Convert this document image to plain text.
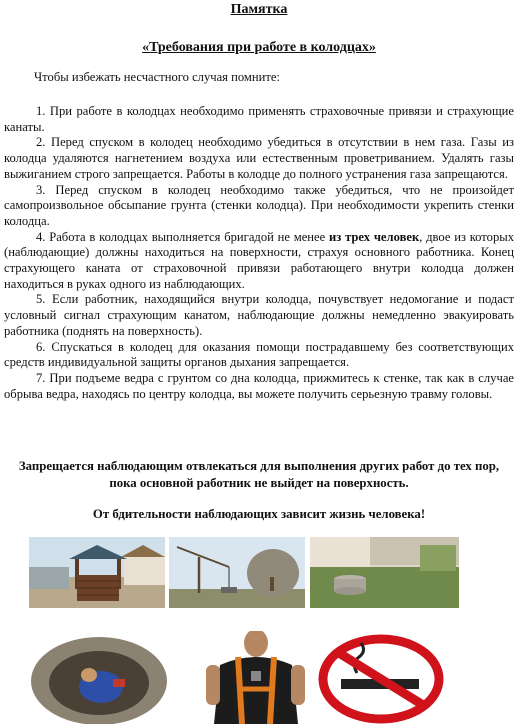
Памятка
«Требования при работе в колодцах»
Чтобы избежать несчастного случая помните:

1. При работе в колодцах необходимо применять страховочные привязи и страхующие канаты.

2. Перед спуском в колодец необходимо убедиться в отсутствии в нем газа. Газы из колодца удаляются нагнетением воздуха или естественным проветриванием. Удалять газы выжиганием строго запрещается. Работы в колодце до полного устранения газа запрещаются.

3. Перед спуском в колодец необходимо также убедиться, что не произойдет самопроизвольное обсыпание грунта (стенки колодца). При необходимости укрепить стенки колодца.

4. Работа в колодцах выполняется бригадой не менее из трех человек, двое из которых (наблюдающие) должны находиться на поверхности, страхуя основного работника. Конец страхующего каната от страховочной привязи работающего внутри колодца должен находиться в руках одного из наблюдающих.

5. Если работник, находящийся внутри колодца, почувствует недомогание и подаст условный сигнал страхующим канатом, наблюдающие должны немедленно эвакуировать работника (поднять на поверхность).

6. Спускаться в колодец для оказания помощи пострадавшему без соответствующих средств индивидуальной защиты органов дыхания запрещается.

7. При подъеме ведра с грунтом со дна колодца, прижмитесь к стенке, так как в случае обрыва ведра, находясь по центру колодца, вы можете получить серьезную травму головы.

Запрещается наблюдающим отвлекаться для выполнения других работ до тех пор, пока основной работник не выйдет на поверхность.
От бдительности наблюдающих зависит жизнь человека!
